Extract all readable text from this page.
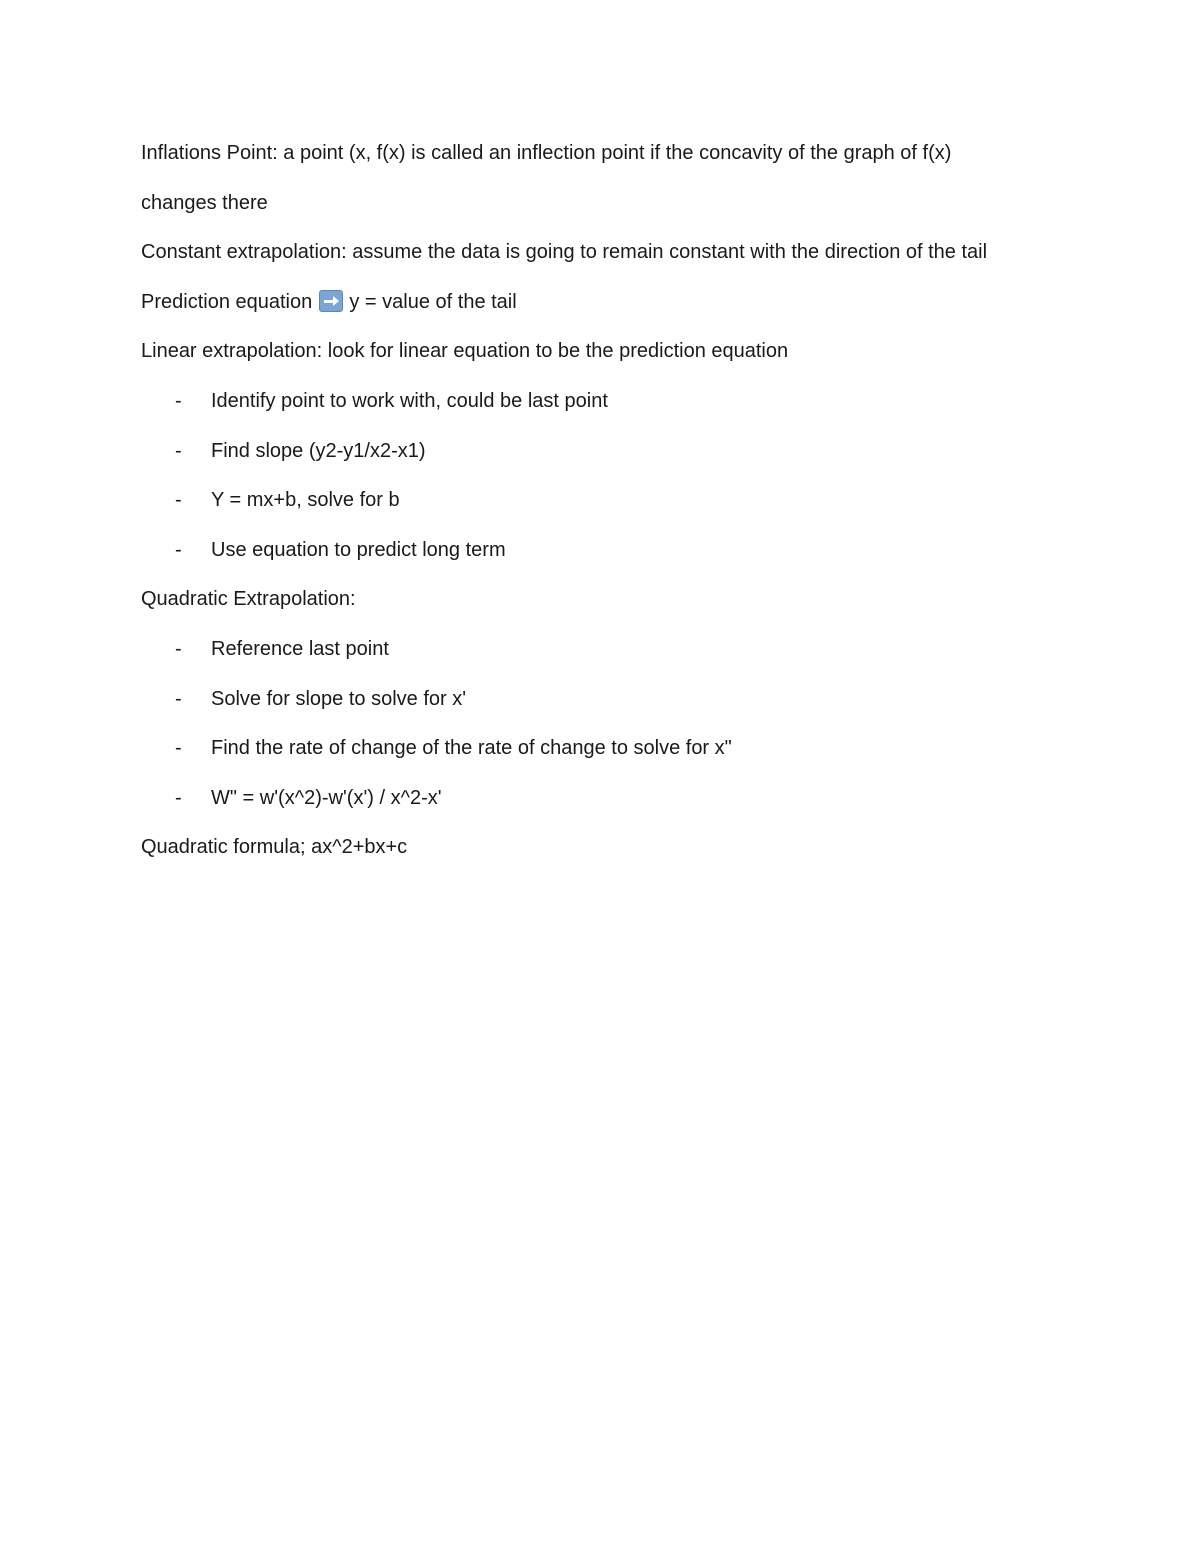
Inflations Point: a point (x, f(x) is called an inflection point if the concavity of the graph of f(x)
changes there
Constant extrapolation: assume the data is going to remain constant with the direction of the tail
Prediction equation y = value of the tail
Linear extrapolation: look for linear equation to be the prediction equation
- Identify point to work with, could be last point
- Find slope (y2-y1/x2-x1)
- Y = mx+b, solve for b
- Use equation to predict long term
Quadratic Extrapolation:
- Reference last point
- Solve for slope to solve for x'
- Find the rate of change of the rate of change to solve for x"
- W" = w'(x^2)-w'(x') / x^2-x'
Quadratic formula; ax^2+bx+c
